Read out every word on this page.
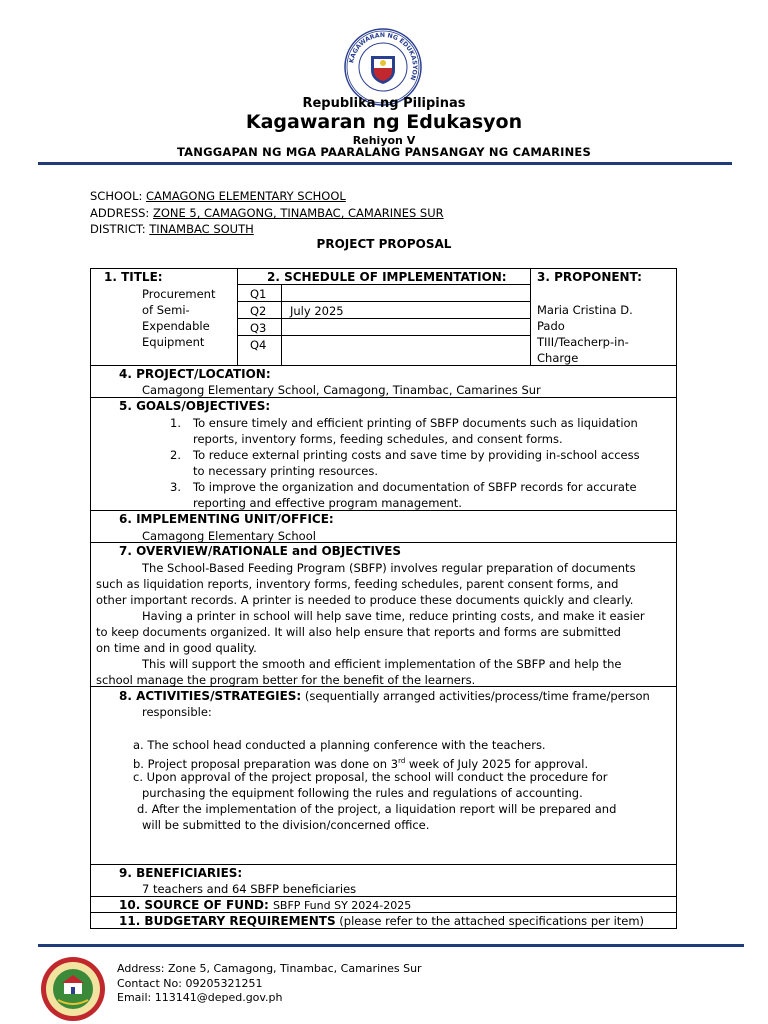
KAGAWARAN NG EDUKASYON
Republika ng Pilipinas
Kagawaran ng Edukasyon
Rehiyon V
TANGGAPAN NG MGA PAARALANG PANSANGAY NG CAMARINES
SCHOOL: CAMAGONG ELEMENTARY SCHOOL
ADDRESS: ZONE 5, CAMAGONG, TINAMBAC, CAMARINES SUR
DISTRICT: TINAMBAC SOUTH
PROJECT PROPOSAL
1. TITLE:
Procurement
of Semi-
Expendable
Equipment
2. SCHEDULE OF IMPLEMENTATION:
Q1
Q2 July 2025
Q3
Q4
3. PROPONENT:
Maria Cristina D.
Pado
TIII/Teacherp-in-
Charge
4. PROJECT/LOCATION:
Camagong Elementary School, Camagong, Tinambac, Camarines Sur
5. GOALS/OBJECTIVES:
1. To ensure timely and efficient printing of SBFP documents such as liquidation
reports, inventory forms, feeding schedules, and consent forms.
2. To reduce external printing costs and save time by providing in-school access
to necessary printing resources.
3. To improve the organization and documentation of SBFP records for accurate
reporting and effective program management.
6. IMPLEMENTING UNIT/OFFICE:
Camagong Elementary School
7. OVERVIEW/RATIONALE and OBJECTIVES
The School-Based Feeding Program (SBFP) involves regular preparation of documents
such as liquidation reports, inventory forms, feeding schedules, parent consent forms, and
other important records. A printer is needed to produce these documents quickly and clearly.
Having a printer in school will help save time, reduce printing costs, and make it easier
to keep documents organized. It will also help ensure that reports and forms are submitted
on time and in good quality.
This will support the smooth and efficient implementation of the SBFP and help the
school manage the program better for the benefit of the learners.
8. ACTIVITIES/STRATEGIES: (sequentially arranged activities/process/time frame/person
responsible:
a. The school head conducted a planning conference with the teachers.
b. Project proposal preparation was done on 3rd week of July 2025 for approval.
c. Upon approval of the project proposal, the school will conduct the procedure for
purchasing the equipment following the rules and regulations of accounting.
d. After the implementation of the project, a liquidation report will be prepared and
will be submitted to the division/concerned office.
9. BENEFICIARIES:
7 teachers and 64 SBFP beneficiaries
10. SOURCE OF FUND: SBFP Fund SY 2024-2025
11. BUDGETARY REQUIREMENTS (please refer to the attached specifications per item)
Address: Zone 5, Camagong, Tinambac, Camarines Sur
Contact No: 09205321251
Email: 113141@deped.gov.ph
